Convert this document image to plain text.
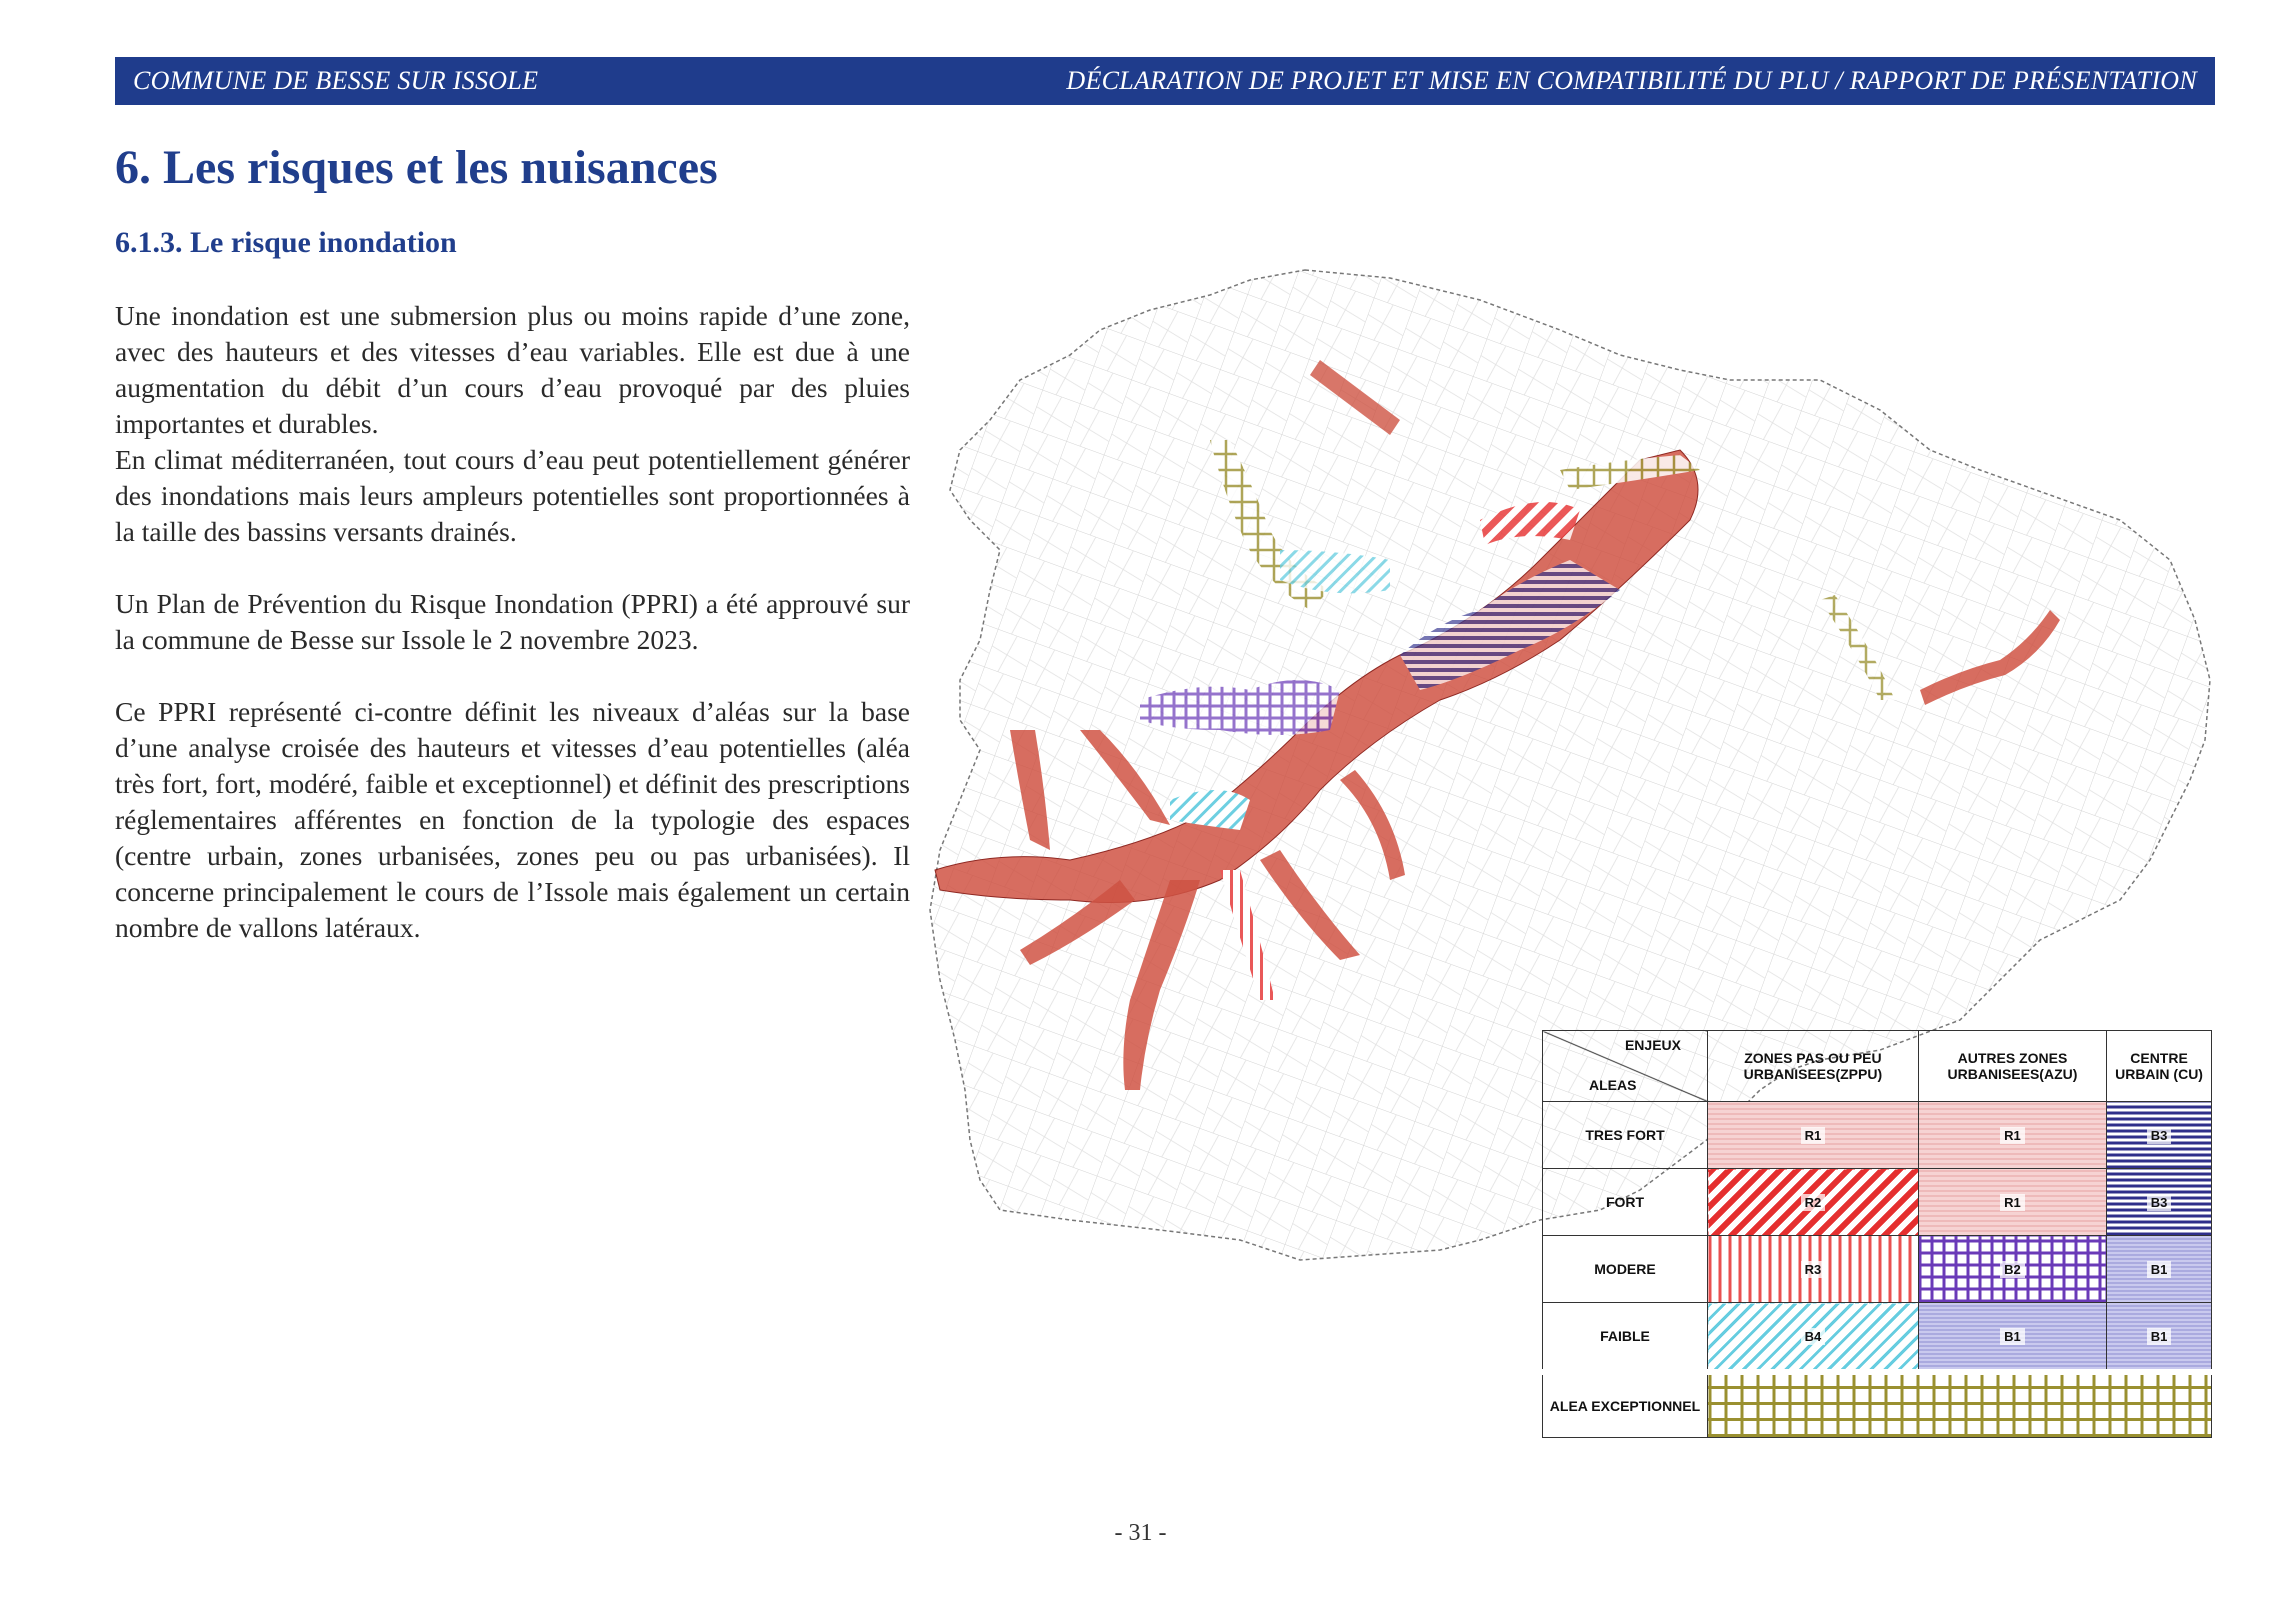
COMMUNE DE BESSE SUR ISSOLE	DÉCLARATION DE PROJET ET MISE EN COMPATIBILITÉ DU PLU / RAPPORT DE PRÉSENTATION
6. Les risques et les nuisances
6.1.3. Le risque inondation

Une inondation est une submersion plus ou moins rapide d’une zone, avec des hauteurs et des vitesses d’eau variables. Elle est due à une augmentation du débit d’un cours d’eau provoqué par des pluies importantes et durables.

En climat méditerranéen, tout cours d’eau peut potentiellement générer des inondations mais leurs ampleurs potentielles sont proportionnées à la taille des bassins versants drainés.

Un Plan de Prévention du Risque Inondation (PPRI) a été approuvé sur la commune de Besse sur Issole le 2 novembre 2023.

Ce PPRI représenté ci-contre définit les niveaux d’aléas sur la base d’une analyse croisée des hauteurs et vitesses d’eau potentielles (aléa très fort, fort, modéré, faible et exceptionnel) et définit des prescriptions réglementaires afférentes en fonction de la typologie des espaces (centre urbain, zones urbanisées, zones peu ou pas urbanisées). Il concerne principalement le cours de l’Issole mais également un certain nombre de vallons latéraux.

ENJEUX
ALEAS	ZONES PAS OU PEU URBANISEES(ZPPU)	AUTRES ZONES URBANISEES(AZU)	CENTRE URBAIN (CU)
TRES FORT	R1	R1	B3
FORT	R2	R1	B3
MODERE	R3	B2	B1
FAIBLE	B4	B1	B1
ALEA EXCEPTIONNEL			
- 31 -
